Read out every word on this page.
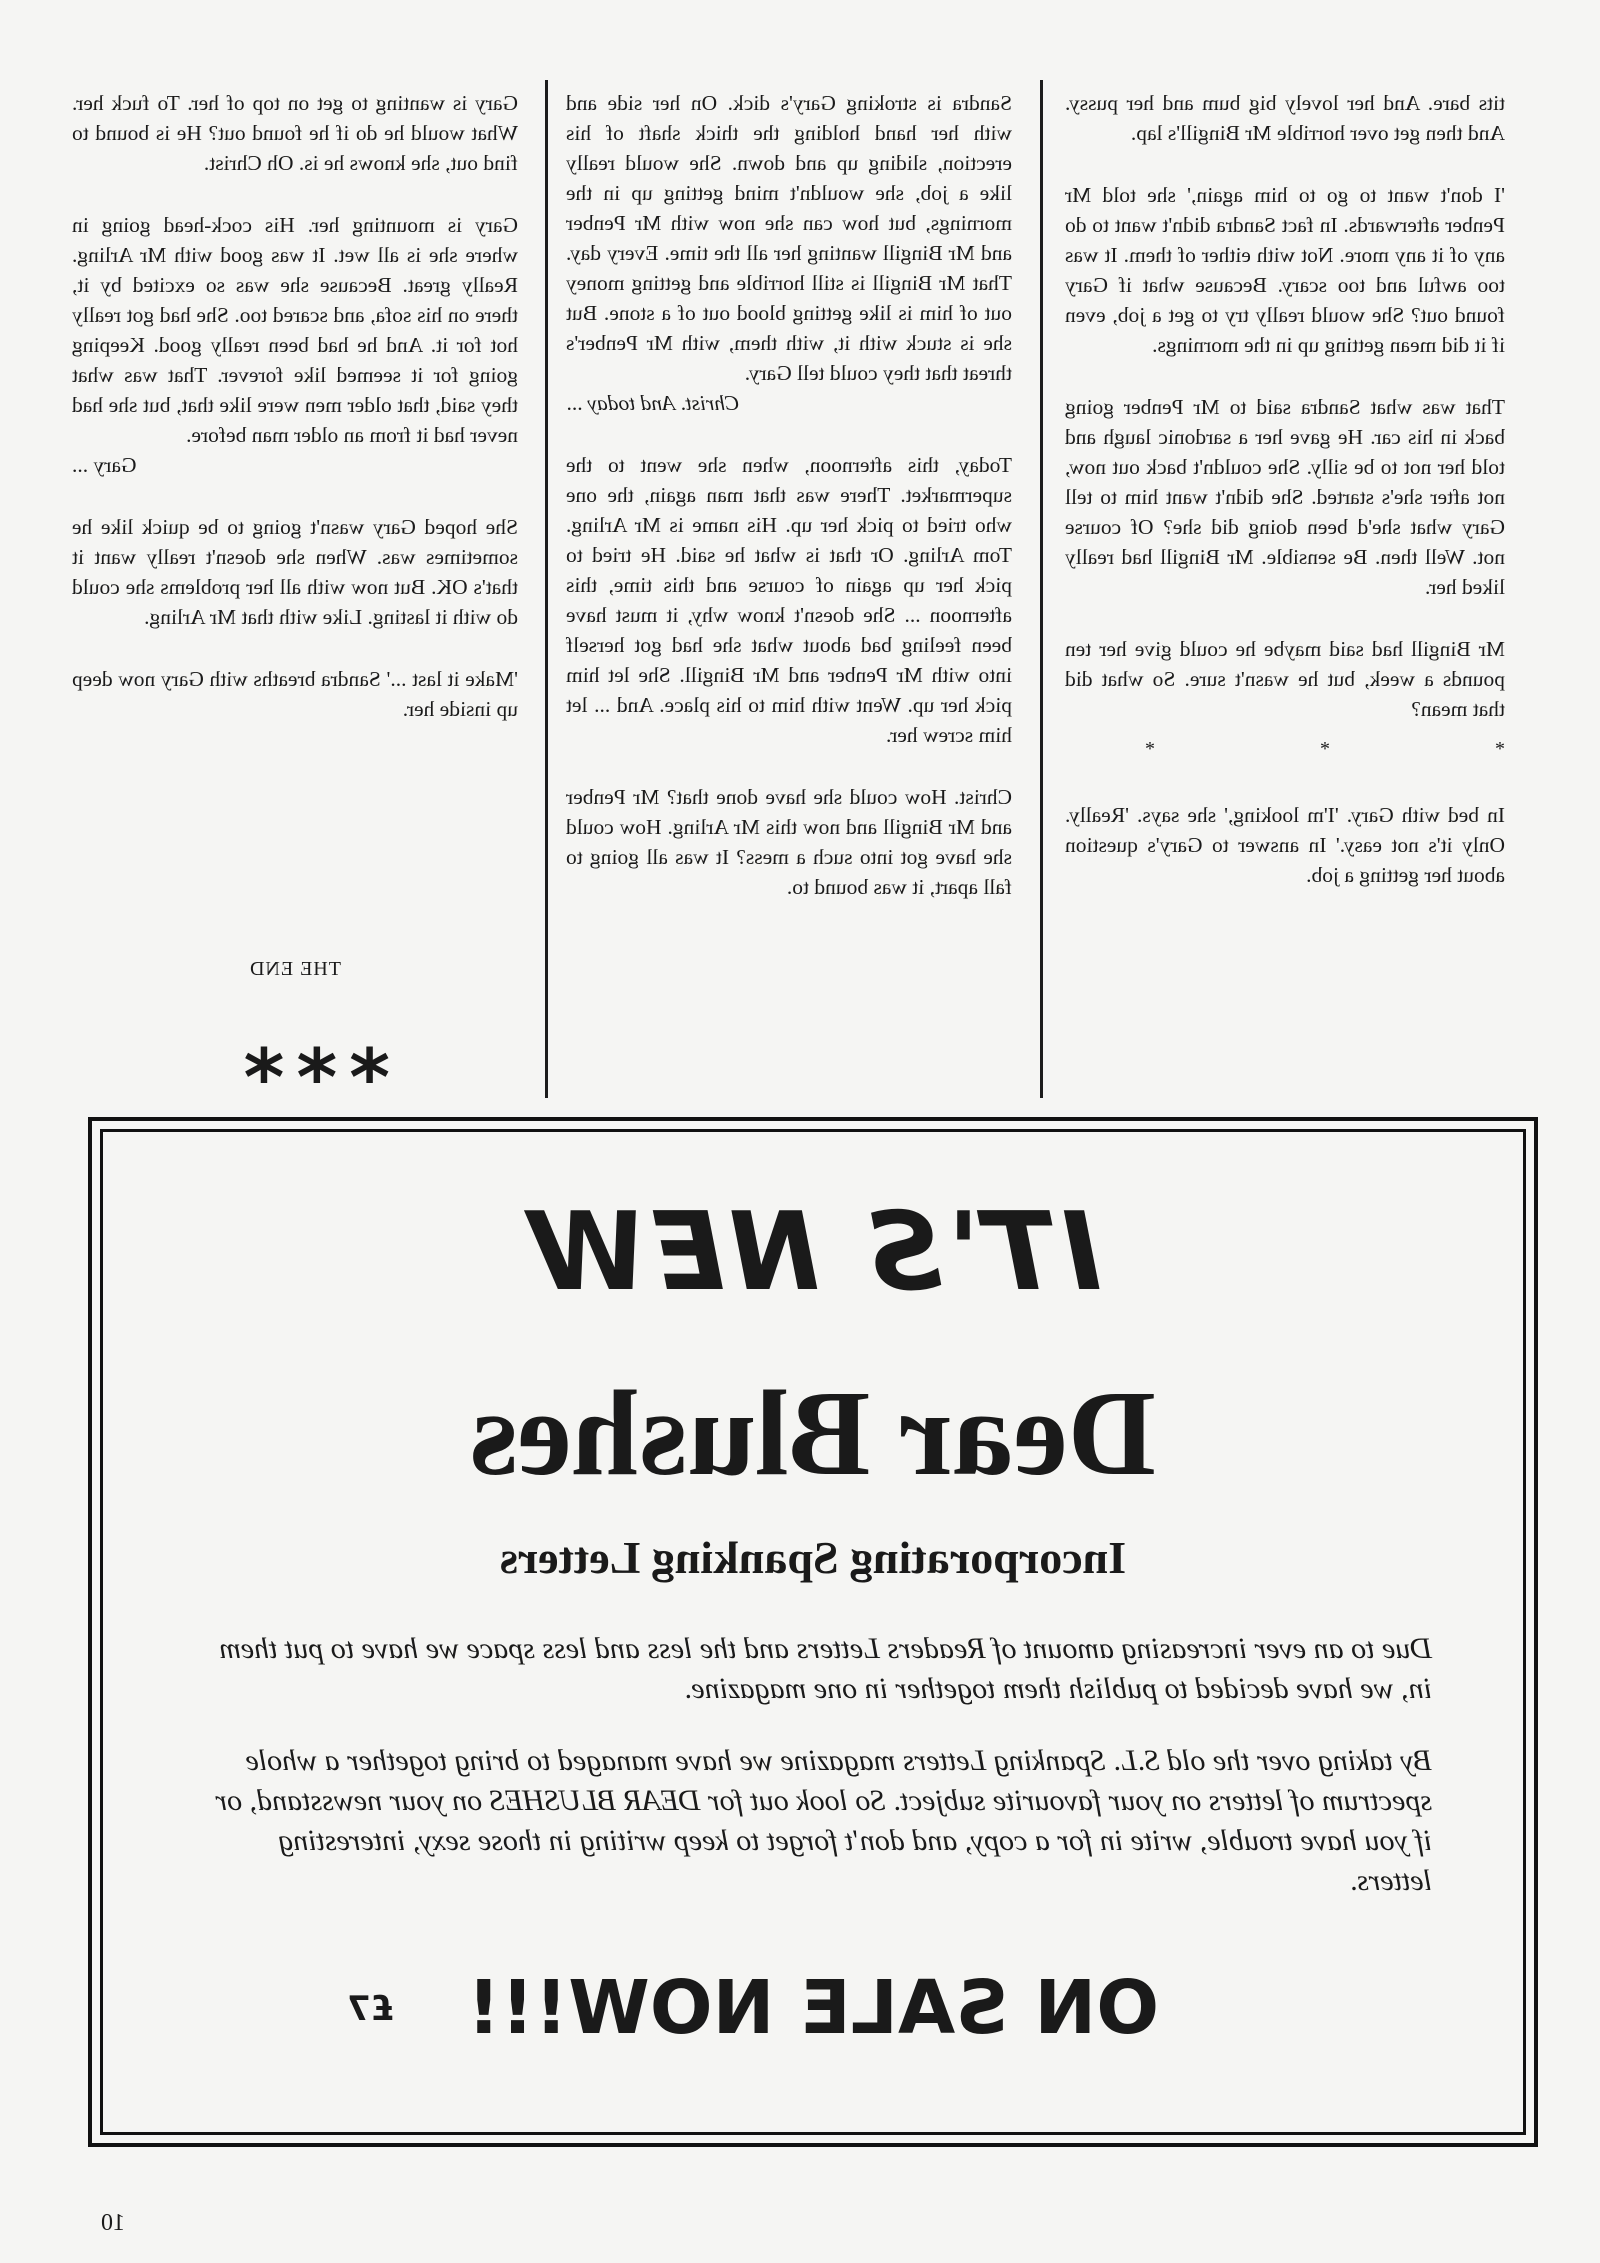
tits bare. And her lovely big bum and her pussy. And then get over horrible Mr Bingill's lap.

'I don't want to go to him again,' she told Mr Penber afterwards. In fact Sandra didn't want to do any of it any more. Not with either of them. It was too awful and too scary. Because what if Gary found out? She would really try to get a job, even if it did mean getting up in the mornings.

That was what Sandra said to Mr Penber going back in his car. He gave her a sardonic laugh and told her not to be silly. She couldn't back out now, not after she's started. She didn't want him to tell Gary what she'd been doing did she? Of course not. Well then. Be sensible. Mr Bingill had really liked her.

Mr Bingill had said maybe he could give her ten pounds a week, but he wasn't sure. So what did that mean?

* * *

In bed with Gary. 'I'm looking,' she says. 'Really. Only it's not easy.' In answer to Gary's question about her getting a job.

Sandra is stroking Gary's dick. On her side and with her hand holding the thick shaft of his erection, sliding up and down. She would really like a job, she wouldn't mind getting up in the mornings, but how can she now with Mr Penber and Mr Bingill wanting her all the time. Every day. That Mr Bingill is still horrible and getting money out of him is like getting blood out of a stone. But she is stuck with it, with them, with Mr Penber's threat that they could tell Gary.

Christ. And today ...

Today, this afternoon, when she went to the supermarket. There was that man again, the one who tried to pick her up. His name is Mr Arling. Tom Arling. Or that is what he said. He tried to pick her up again of course and this time, this afternoon ... She doesn't know why, it must have been feeling bad about what she had got herself into with Mr Penber and Mr Bingill. She let him pick her up. Went with him to his place. And ... let him screw her.

Christ. How could she have done that? Mr Penber and Mr Bingill and now this Mr Arling. How could she have got into such a mess? It was all going to fall apart, it was bound to.

Gary is wanting to get on top of her. To fuck her. What would he do if he found out? He is bound to find out, she knows he is. Oh Christ.

Gary is mounting her. His cock-head going in where she is all wet. It was good with Mr Arling. Really great. Because she was so excited by it, there on his sofa, and scared too. She had got really hot for it. And he had been really good. Keeping going for it seemed like forever. That was what they said, that older men were like that, but she had never had it from an older man before.

Gary ...

She hoped Gary wasn't going to be quick like he sometimes was. When she doesn't really want it that's OK. But now with all her problems she could do with it lasting. Like with that Mr Arling.

'Make it last ...' Sandra breaths with Gary now deep up inside her.

THE END
***
IT'S NEW
Dear Blushes
Incorporating Spanking Letters
Due to an ever increasing amount of Readers Letters and the less and less space we have to put them in, we have decided to publish them together in one magazine.
By taking over the old S.L. Spanking Letters magazine we have managed to bring together a whole spectrum of letters on your favourite subject. So look out for DEAR BLUSHES on your newsstand, or if you have trouble, write in for a copy, and don't forget to keep writing in those sexy, interesting letters.
ON SALE NOW!!!
£7
10
